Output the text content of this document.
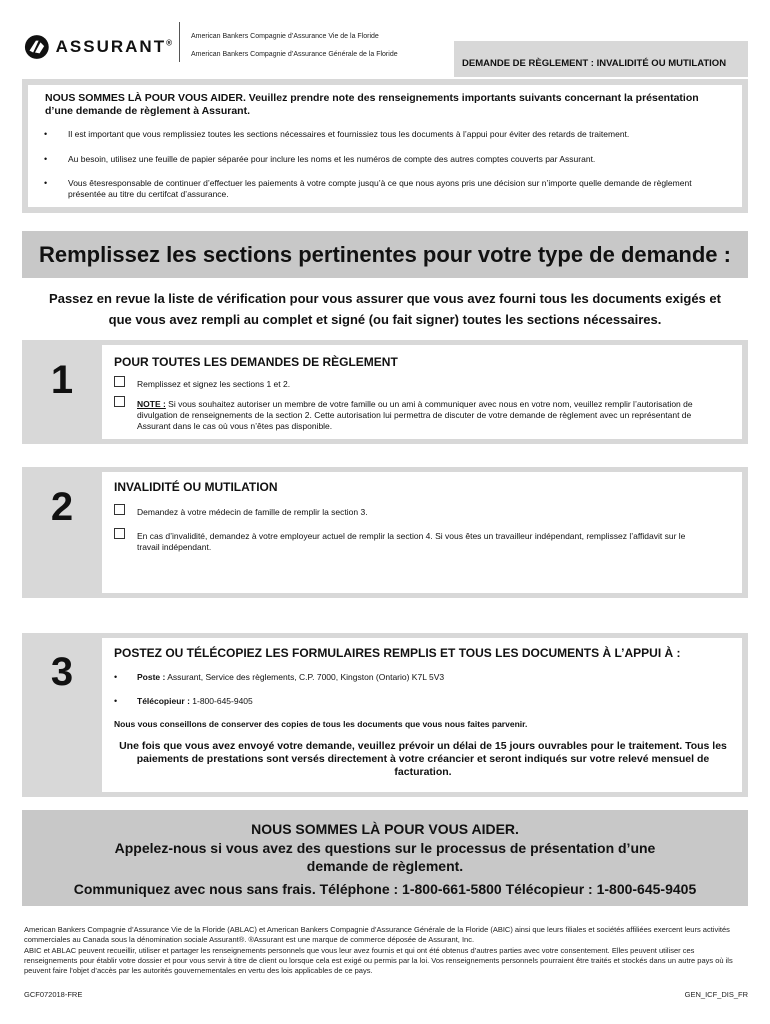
ASSURANT®
American Bankers Compagnie d’Assurance Vie de la Floride
American Bankers Compagnie d’Assurance Générale de la Floride
DEMANDE DE RÈGLEMENT : INVALIDITÉ OU MUTILATION
NOUS SOMMES LÀ POUR VOUS AIDER. Veuillez prendre note des renseignements importants suivants concernant la présentation d’une demande de règlement à Assurant.
• Il est important que vous remplissiez toutes les sections nécessaires et fournissiez tous les documents à l’appui pour éviter des retards de traitement.
• Au besoin, utilisez une feuille de papier séparée pour inclure les noms et les numéros de compte des autres comptes couverts par Assurant.
• Vous êtesresponsable de continuer d’effectuer les paiements à votre compte jusqu’à ce que nous ayons pris une décision sur n’importe quelle demande de règlement présentée au titre du certifcat d’assurance.
Remplissez les sections pertinentes pour votre type de demande :
Passez en revue la liste de vérification pour vous assurer que vous avez fourni tous les documents exigés et que vous avez rempli au complet et signé (ou fait signer) toutes les sections nécessaires.
1	POUR TOUTES LES DEMANDES DE RÈGLEMENT
Remplissez et signez les sections 1 et 2.
NOTE : Si vous souhaitez autoriser un membre de votre famille ou un ami à communiquer avec nous en votre nom, veuillez remplir l’autorisation de divulgation de renseignements de la section 2. Cette autorisation lui permettra de discuter de votre demande de règlement avec un représentant de Assurant dans le cas où vous n’êtes pas disponible.
2	INVALIDITÉ OU MUTILATION
Demandez à votre médecin de famille de remplir la section 3.
En cas d’invalidité, demandez à votre employeur actuel de remplir la section 4. Si vous êtes un travailleur indépendant, remplissez l’affidavit sur le travail indépendant.
3	POSTEZ OU TÉLÉCOPIEZ LES FORMULAIRES REMPLIS ET TOUS LES DOCUMENTS À L’APPUI À :
• Poste : Assurant, Service des règlements, C.P. 7000, Kingston (Ontario) K7L 5V3
• Télécopieur : 1-800-645-9405
Nous vous conseillons de conserver des copies de tous les documents que vous nous faites parvenir.
Une fois que vous avez envoyé votre demande, veuillez prévoir un délai de 15 jours ouvrables pour le traitement. Tous les paiements de prestations sont versés directement à votre créancier et seront indiqués sur votre relevé mensuel de facturation.
NOUS SOMMES LÀ POUR VOUS AIDER.
Appelez-nous si vous avez des questions sur le processus de présentation d’une
demande de règlement.
Communiquez avec nous sans frais. Téléphone : 1-800-661-5800 Télécopieur : 1-800-645-9405
American Bankers Compagnie d’Assurance Vie de la Floride (ABLAC) et American Bankers Compagnie d’Assurance Générale de la Floride (ABIC) ainsi que leurs filiales et sociétés affiliées exercent leurs activités commerciales au Canada sous la dénomination sociale Assurant®. ®Assurant est une marque de commerce déposée de Assurant, Inc.
ABIC et ABLAC peuvent recueillir, utiliser et partager les renseignements personnels que vous leur avez fournis et qui ont été obtenus d’autres parties avec votre consentement. Elles peuvent utiliser ces renseignements pour établir votre dossier et pour vous servir à titre de client ou lorsque cela est exigé ou permis par la loi. Vos renseignements personnels pourraient être traités et stockés dans un autre pays où ils peuvent faire l’objet d’accès par les autorités gouvernementales en vertu des lois applicables de ce pays.
GCF072018-FRE	GEN_ICF_DIS_FR
